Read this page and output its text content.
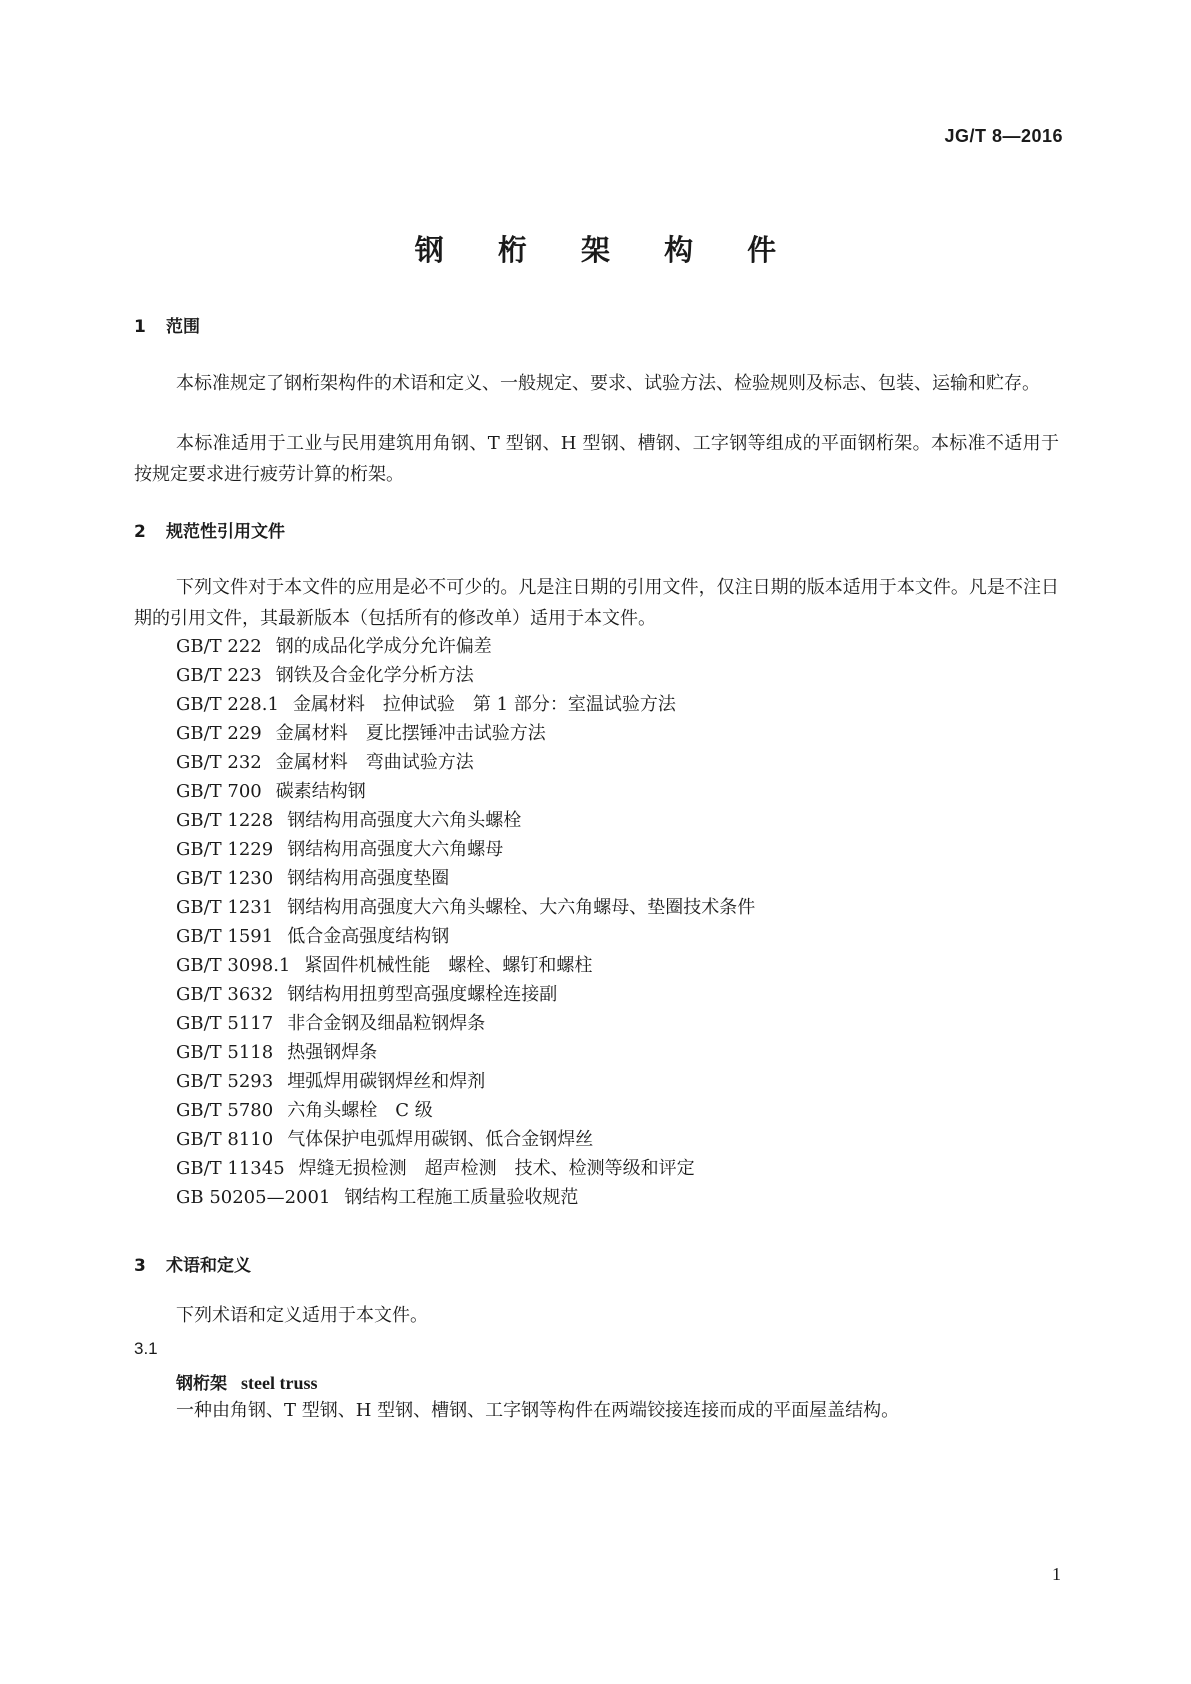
JG/T 8—2016
钢 桁 架 构 件
1 范围
本标准规定了钢桁架构件的术语和定义、一般规定、要求、试验方法、检验规则及标志、包装、运输和贮存。
本标准适用于工业与民用建筑用角钢、T 型钢、H 型钢、槽钢、工字钢等组成的平面钢桁架。本标准不适用于按规定要求进行疲劳计算的桁架。
2 规范性引用文件
下列文件对于本文件的应用是必不可少的。凡是注日期的引用文件，仅注日期的版本适用于本文件。凡是不注日期的引用文件，其最新版本（包括所有的修改单）适用于本文件。
GB/T 222 钢的成品化学成分允许偏差
GB/T 223 钢铁及合金化学分析方法
GB/T 228.1 金属材料　拉伸试验　第 1 部分：室温试验方法
GB/T 229 金属材料　夏比摆锤冲击试验方法
GB/T 232 金属材料　弯曲试验方法
GB/T 700 碳素结构钢
GB/T 1228 钢结构用高强度大六角头螺栓
GB/T 1229 钢结构用高强度大六角螺母
GB/T 1230 钢结构用高强度垫圈
GB/T 1231 钢结构用高强度大六角头螺栓、大六角螺母、垫圈技术条件
GB/T 1591 低合金高强度结构钢
GB/T 3098.1 紧固件机械性能　螺栓、螺钉和螺柱
GB/T 3632 钢结构用扭剪型高强度螺栓连接副
GB/T 5117 非合金钢及细晶粒钢焊条
GB/T 5118 热强钢焊条
GB/T 5293 埋弧焊用碳钢焊丝和焊剂
GB/T 5780 六角头螺栓　C 级
GB/T 8110 气体保护电弧焊用碳钢、低合金钢焊丝
GB/T 11345 焊缝无损检测　超声检测　技术、检测等级和评定
GB 50205—2001 钢结构工程施工质量验收规范
3 术语和定义
下列术语和定义适用于本文件。
3.1
钢桁架 steel truss
一种由角钢、T 型钢、H 型钢、槽钢、工字钢等构件在两端铰接连接而成的平面屋盖结构。
1
